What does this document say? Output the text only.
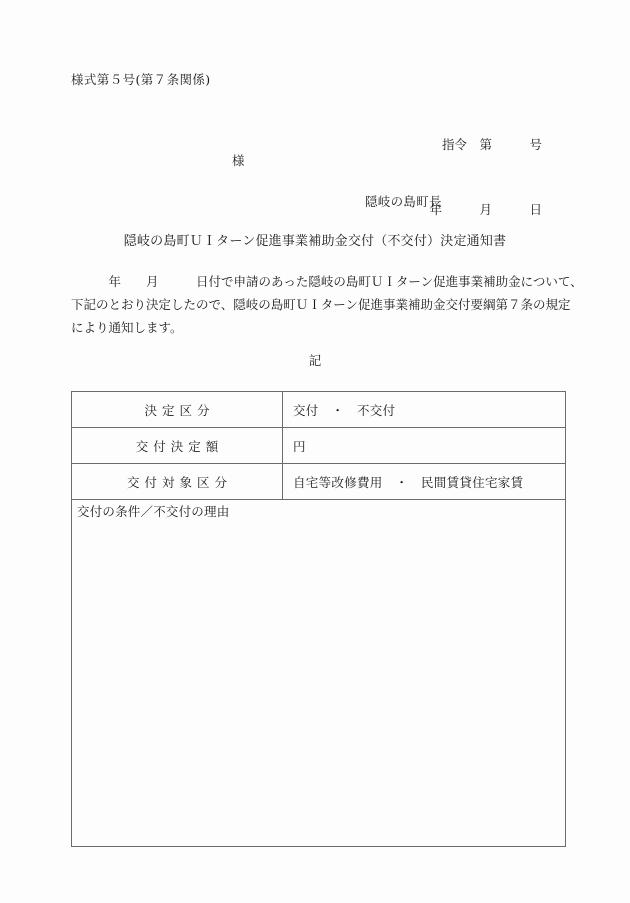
様式第５号(第７条関係)

指令　第　　　号

年　　　月　　　日

様
隠岐の島町長
隠岐の島町ＵＩターン促進事業補助金交付（不交付）決定通知書
　　　年　　月　　　日付で申請のあった隠岐の島町ＵＩターン促進事業補助金について、
下記のとおり決定したので、隠岐の島町ＵＩターン促進事業補助金交付要綱第７条の規定
により通知します。
記
決定区分	交付　・　不交付
交付決定額	円
交付対象区分	自宅等改修費用　・　民間賃貸住宅家賃
交付の条件／不交付の理由
